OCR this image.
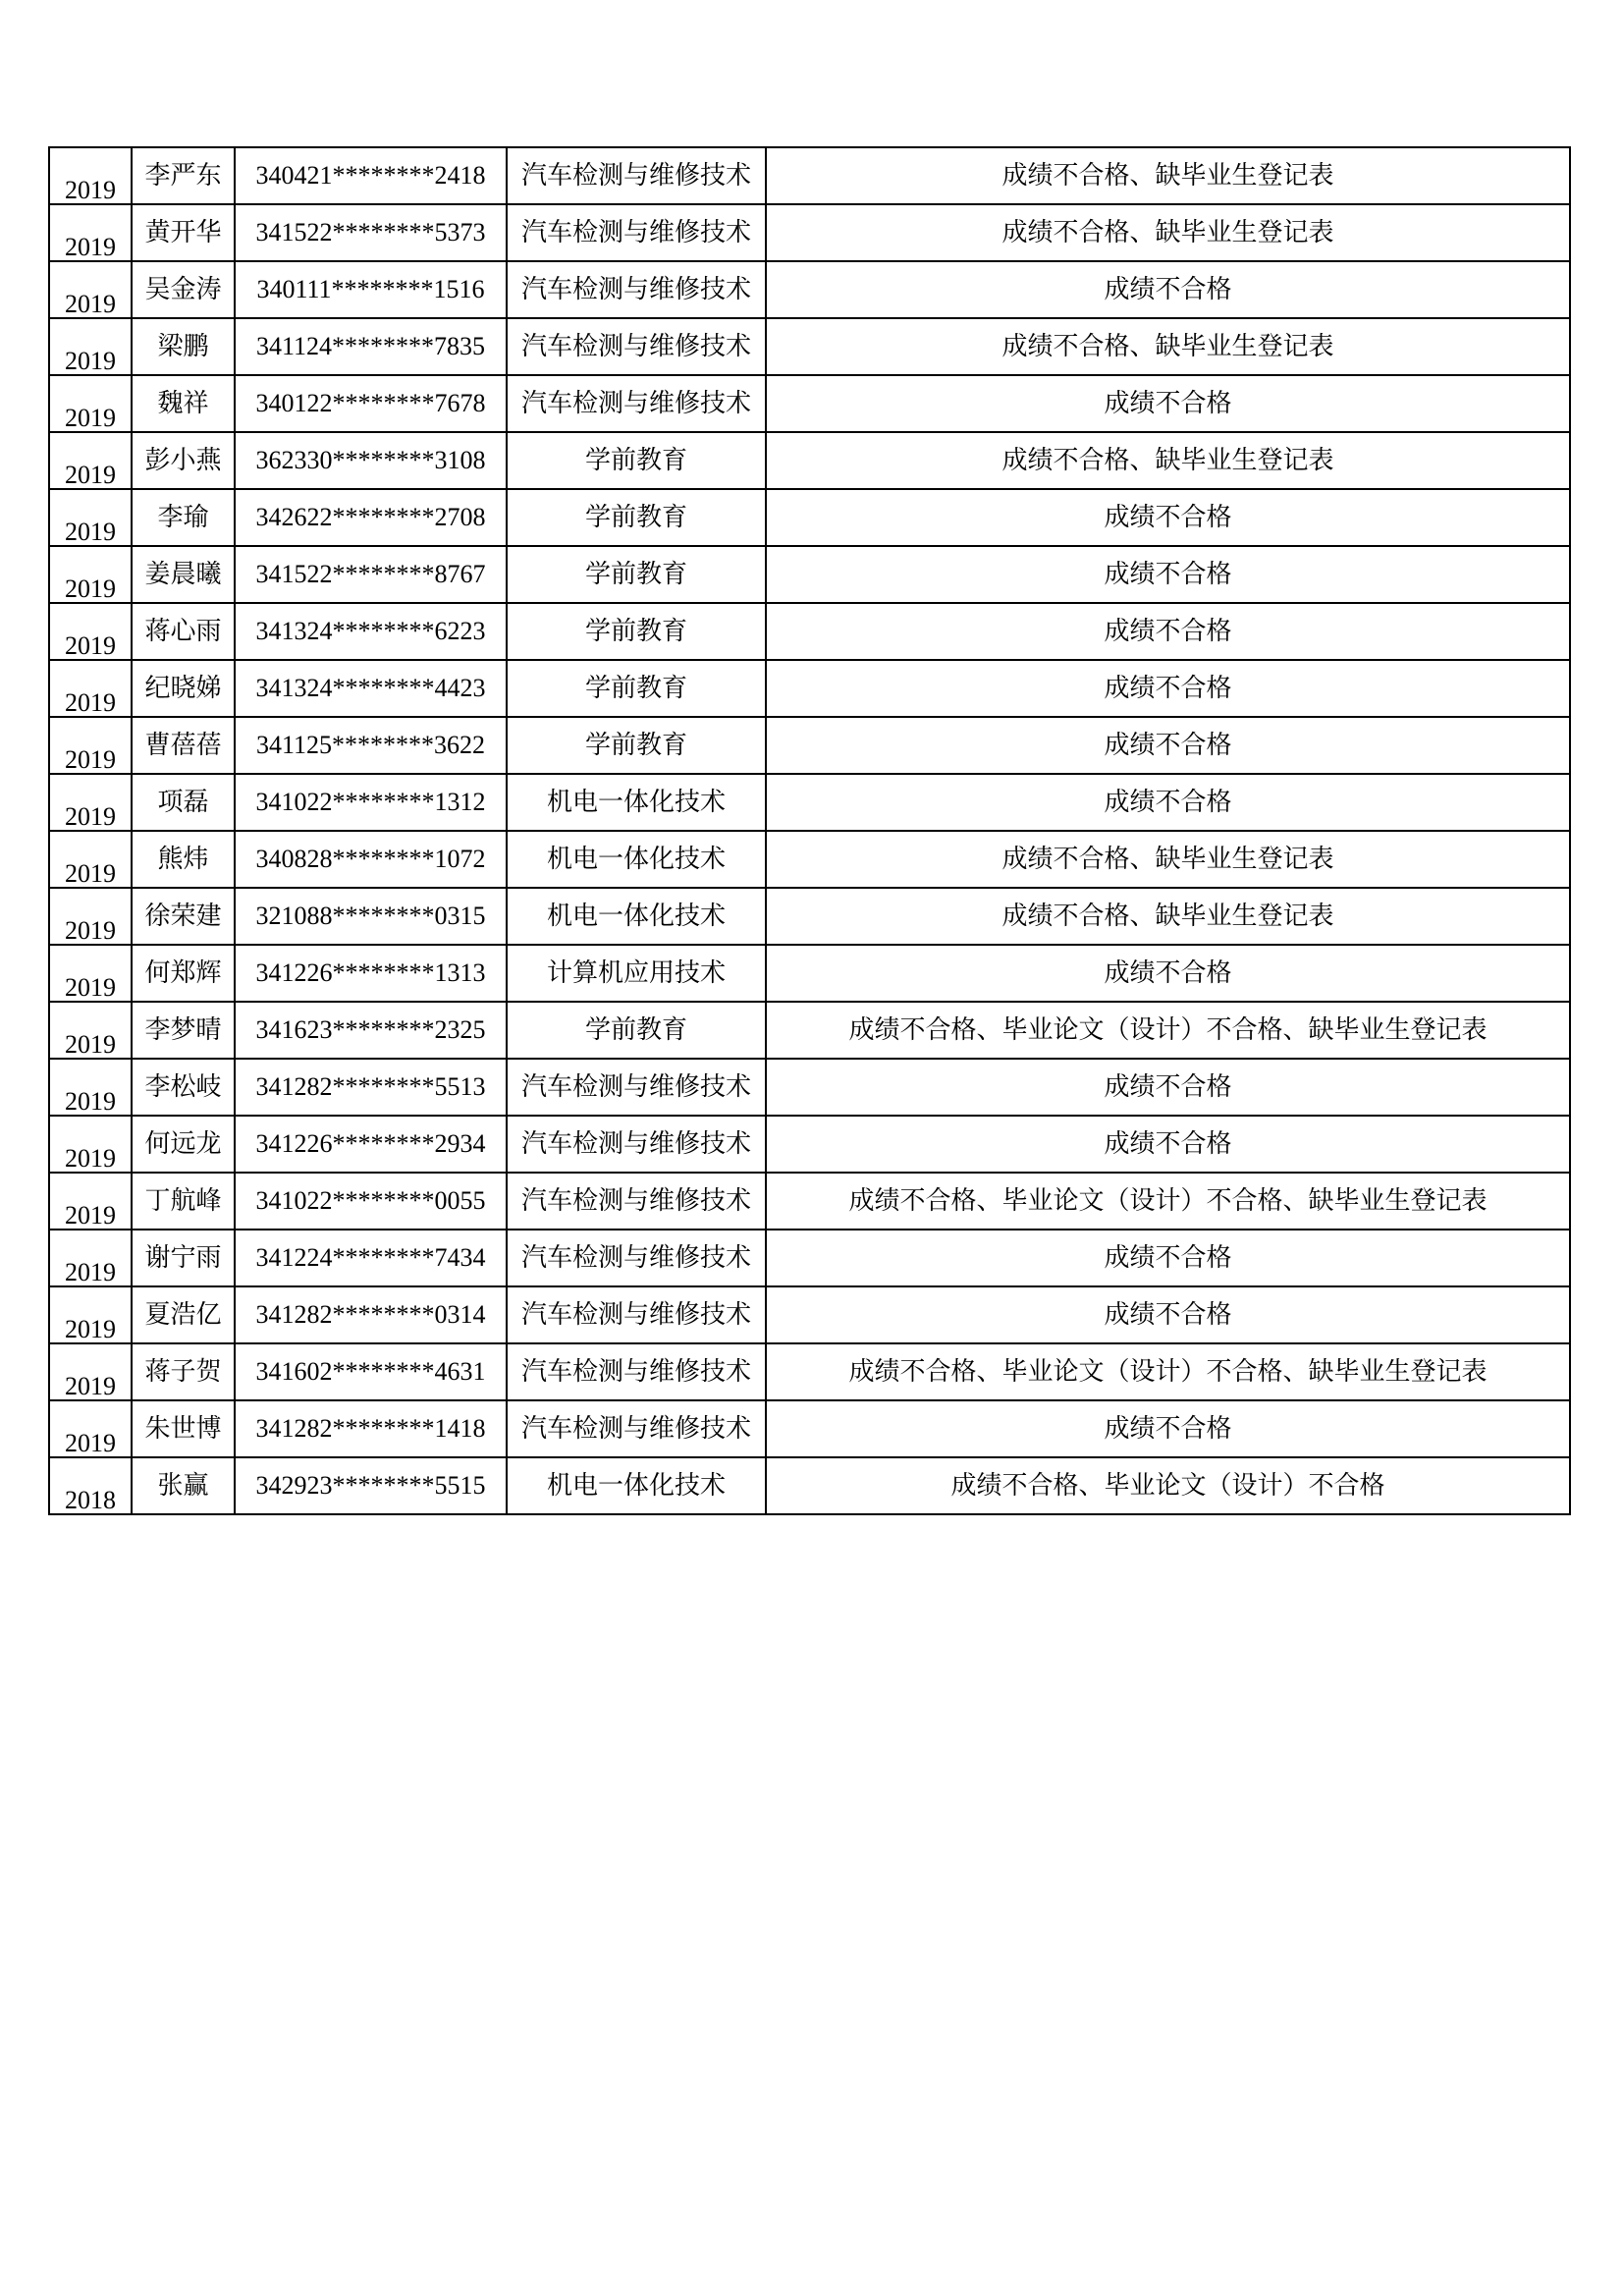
2019	李严东	340421********2418	汽车检测与维修技术	成绩不合格、缺毕业生登记表
2019	黄开华	341522********5373	汽车检测与维修技术	成绩不合格、缺毕业生登记表
2019	吴金涛	340111********1516	汽车检测与维修技术	成绩不合格
2019	梁鹏	341124********7835	汽车检测与维修技术	成绩不合格、缺毕业生登记表
2019	魏祥	340122********7678	汽车检测与维修技术	成绩不合格
2019	彭小燕	362330********3108	学前教育	成绩不合格、缺毕业生登记表
2019	李瑜	342622********2708	学前教育	成绩不合格
2019	姜晨曦	341522********8767	学前教育	成绩不合格
2019	蒋心雨	341324********6223	学前教育	成绩不合格
2019	纪晓娣	341324********4423	学前教育	成绩不合格
2019	曹蓓蓓	341125********3622	学前教育	成绩不合格
2019	项磊	341022********1312	机电一体化技术	成绩不合格
2019	熊炜	340828********1072	机电一体化技术	成绩不合格、缺毕业生登记表
2019	徐荣建	321088********0315	机电一体化技术	成绩不合格、缺毕业生登记表
2019	何郑辉	341226********1313	计算机应用技术	成绩不合格
2019	李梦晴	341623********2325	学前教育	成绩不合格、毕业论文（设计）不合格、缺毕业生登记表
2019	李松岐	341282********5513	汽车检测与维修技术	成绩不合格
2019	何远龙	341226********2934	汽车检测与维修技术	成绩不合格
2019	丁航峰	341022********0055	汽车检测与维修技术	成绩不合格、毕业论文（设计）不合格、缺毕业生登记表
2019	谢宁雨	341224********7434	汽车检测与维修技术	成绩不合格
2019	夏浩亿	341282********0314	汽车检测与维修技术	成绩不合格
2019	蒋子贺	341602********4631	汽车检测与维修技术	成绩不合格、毕业论文（设计）不合格、缺毕业生登记表
2019	朱世博	341282********1418	汽车检测与维修技术	成绩不合格
2018	张赢	342923********5515	机电一体化技术	成绩不合格、毕业论文（设计）不合格
